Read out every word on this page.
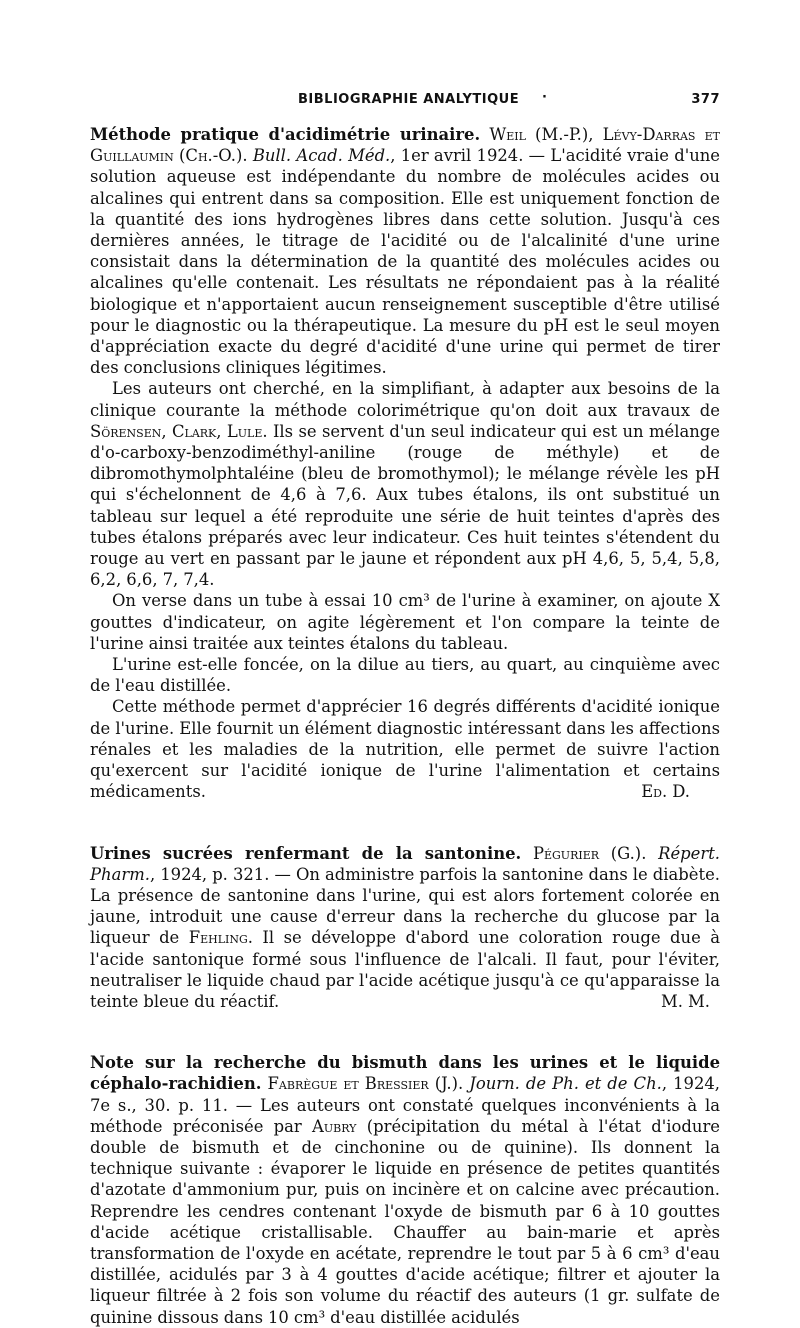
BIBLIOGRAPHIE ANALYTIQUE ·	377

Méthode pratique d'acidimétrie urinaire. Weil (M.-P.), Lévy-Darras et Guillaumin (Ch.-O.). Bull. Acad. Méd., 1er avril 1924. — L'acidité vraie d'une solution aqueuse est indépendante du nombre de molécules acides ou alcalines qui entrent dans sa composition. Elle est uniquement fonction de la quantité des ions hydrogènes libres dans cette solution. Jusqu'à ces dernières années, le titrage de l'acidité ou de l'alcalinité d'une urine consistait dans la détermination de la quantité des molécules acides ou alcalines qu'elle contenait. Les résultats ne répondaient pas à la réalité biologique et n'apportaient aucun renseignement susceptible d'être utilisé pour le diagnostic ou la thérapeutique. La mesure du pH est le seul moyen d'appréciation exacte du degré d'acidité d'une urine qui permet de tirer des conclusions cliniques légitimes.

Les auteurs ont cherché, en la simplifiant, à adapter aux besoins de la clinique courante la méthode colorimétrique qu'on doit aux travaux de Sörensen, Clark, Lule. Ils se servent d'un seul indicateur qui est un mélange d'o-carboxy-benzodiméthyl-aniline (rouge de méthyle) et de dibromothymolphtaléine (bleu de bromothymol); le mélange révèle les pH qui s'échelonnent de 4,6 à 7,6. Aux tubes étalons, ils ont substitué un tableau sur lequel a été reproduite une série de huit teintes d'après des tubes étalons préparés avec leur indicateur. Ces huit teintes s'étendent du rouge au vert en passant par le jaune et répondent aux pH 4,6, 5, 5,4, 5,8, 6,2, 6,6, 7, 7,4.

On verse dans un tube à essai 10 cm³ de l'urine à examiner, on ajoute X gouttes d'indicateur, on agite légèrement et l'on compare la teinte de l'urine ainsi traitée aux teintes étalons du tableau.

L'urine est-elle foncée, on la dilue au tiers, au quart, au cinquième avec de l'eau distillée.

Cette méthode permet d'apprécier 16 degrés différents d'acidité ionique de l'urine. Elle fournit un élément diagnostic intéressant dans les affections rénales et les maladies de la nutrition, elle permet de suivre l'action qu'exercent sur l'acidité ionique de l'urine l'alimentation et certains médicaments.	Ed. D.

Urines sucrées renfermant de la santonine. Pégurier (G.). Répert. Pharm., 1924, p. 321. — On administre parfois la santonine dans le diabète. La présence de santonine dans l'urine, qui est alors fortement colorée en jaune, introduit une cause d'erreur dans la recherche du glucose par la liqueur de Fehling. Il se développe d'abord une coloration rouge due à l'acide santonique formé sous l'influence de l'alcali. Il faut, pour l'éviter, neutraliser le liquide chaud par l'acide acétique jusqu'à ce qu'apparaisse la teinte bleue du réactif.	M. M.

Note sur la recherche du bismuth dans les urines et le liquide céphalo-rachidien. Fabrègue et Bressier (J.). Journ. de Ph. et de Ch., 1924, 7e s., 30. p. 11. — Les auteurs ont constaté quelques inconvénients à la méthode préconisée par Aubry (précipitation du métal à l'état d'iodure double de bismuth et de cinchonine ou de quinine). Ils donnent la technique suivante : évaporer le liquide en présence de petites quantités d'azotate d'ammonium pur, puis on incinère et on calcine avec précaution. Reprendre les cendres contenant l'oxyde de bismuth par 6 à 10 gouttes d'acide acétique cristallisable. Chauffer au bain-marie et après transformation de l'oxyde en acétate, reprendre le tout par 5 à 6 cm³ d'eau distillée, acidulés par 3 à 4 gouttes d'acide acétique; filtrer et ajouter la liqueur filtrée à 2 fois son volume du réactif des auteurs (1 gr. sulfate de quinine dissous dans 10 cm³ d'eau distillée acidulés
